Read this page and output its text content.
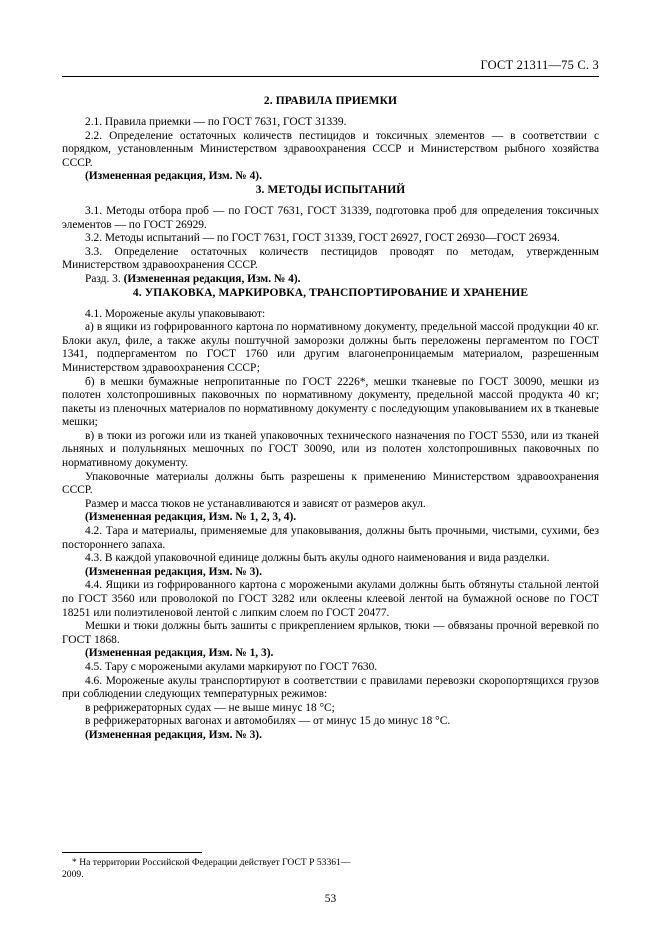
ГОСТ 21311—75 С. 3
2. ПРАВИЛА ПРИЕМКИ

2.1. Правила приемки — по ГОСТ 7631, ГОСТ 31339.

2.2. Определение остаточных количеств пестицидов и токсичных элементов — в соответствии с порядком, установленным Министерством здравоохранения СССР и Министерством рыбного хозяйства СССР.

(Измененная редакция, Изм. № 4).

3. МЕТОДЫ ИСПЫТАНИЙ

3.1. Методы отбора проб — по ГОСТ 7631, ГОСТ 31339, подготовка проб для определения токсичных элементов — по ГОСТ 26929.

3.2. Методы испытаний — по ГОСТ 7631, ГОСТ 31339, ГОСТ 26927, ГОСТ 26930—ГОСТ 26934.

3.3. Определение остаточных количеств пестицидов проводят по методам, утвержденным Министерством здравоохранения СССР.

Разд. 3. (Измененная редакция, Изм. № 4).

4. УПАКОВКА, МАРКИРОВКА, ТРАНСПОРТИРОВАНИЕ И ХРАНЕНИЕ

4.1. Мороженые акулы упаковывают:

а) в ящики из гофрированного картона по нормативному документу, предельной массой продукции 40 кг. Блоки акул, филе, а также акулы поштучной заморозки должны быть переложены пергаментом по ГОСТ 1341, подпергаментом по ГОСТ 1760 или другим влагонепроницаемым материалом, разрешенным Министерством здравоохранения СССР;

б) в мешки бумажные непропитанные по ГОСТ 2226*, мешки тканевые по ГОСТ 30090, мешки из полотен холстопрошивных паковочных по нормативному документу, предельной массой продукта 40 кг; пакеты из пленочных материалов по нормативному документу с последующим упаковыванием их в тканевые мешки;

в) в тюки из рогожи или из тканей упаковочных технического назначения по ГОСТ 5530, или из тканей льняных и полульняных мешочных по ГОСТ 30090, или из полотен холстопрошивных паковочных по нормативному документу.

Упаковочные материалы должны быть разрешены к применению Министерством здравоохранения СССР.

Размер и масса тюков не устанавливаются и зависят от размеров акул.

(Измененная редакция, Изм. № 1, 2, 3, 4).

4.2. Тара и материалы, применяемые для упаковывания, должны быть прочными, чистыми, сухими, без постороннего запаха.

4.3. В каждой упаковочной единице должны быть акулы одного наименования и вида разделки.

(Измененная редакция, Изм. № 3).

4.4. Ящики из гофрированного картона с морожеными акулами должны быть обтянуты стальной лентой по ГОСТ 3560 или проволокой по ГОСТ 3282 или оклеены клеевой лентой на бумажной основе по ГОСТ 18251 или полиэтиленовой лентой с липким слоем по ГОСТ 20477.

Мешки и тюки должны быть зашиты с прикреплением ярлыков, тюки — обвязаны прочной веревкой по ГОСТ 1868.

(Измененная редакция, Изм. № 1, 3).

4.5. Тару с морожеными акулами маркируют по ГОСТ 7630.

4.6. Мороженые акулы транспортируют в соответствии с правилами перевозки скоропортящихся грузов при соблюдении следующих температурных режимов:

в рефрижераторных судах — не выше минус 18 °C;

в рефрижераторных вагонах и автомобилях — от минус 15 до минус 18 °C.

(Измененная редакция, Изм. № 3).

* На территории Российской Федерации действует ГОСТ Р 53361—2009.

53
